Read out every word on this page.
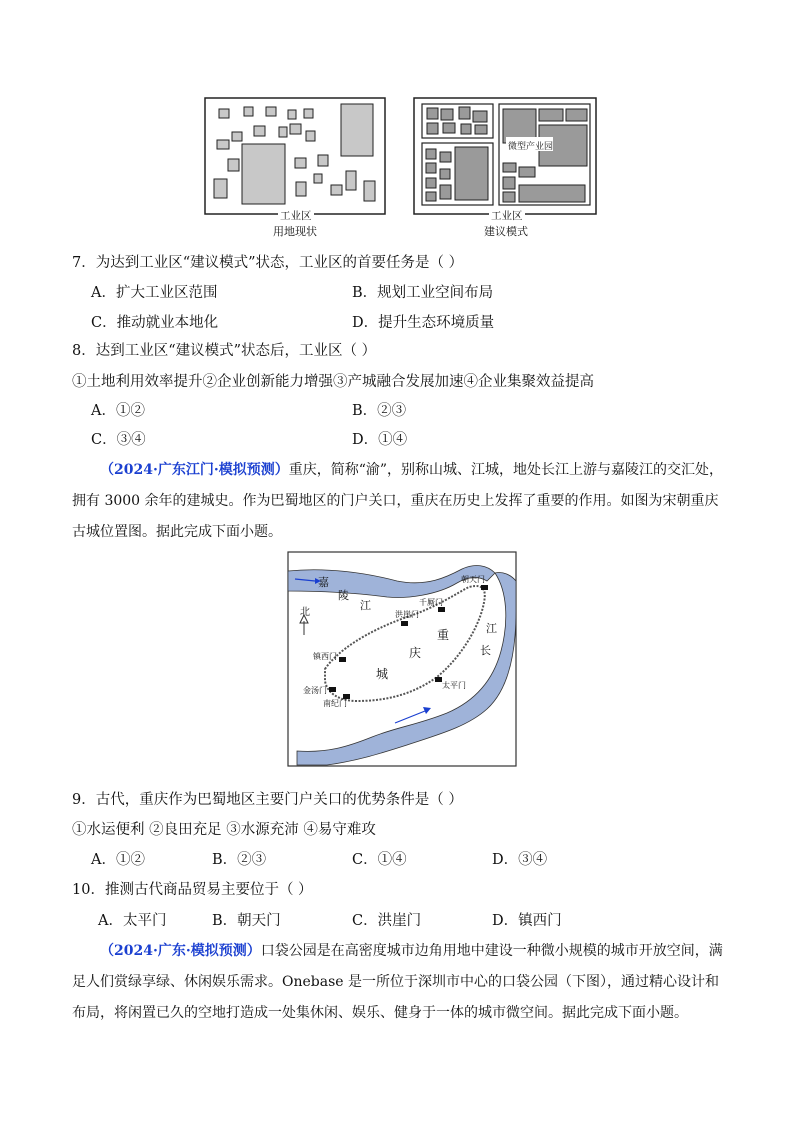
工业区
用地现状
微型产业园
工业区
建议模式
7．为达到工业区“建议模式”状态，工业区的首要任务是（ ）
A．扩大工业区范围	B．规划工业空间布局
C．推动就业本地化	D．提升生态环境质量
8．达到工业区“建议模式”状态后，工业区（ ）
①土地利用效率提升②企业创新能力增强③产城融合发展加速④企业集聚效益提高
A．①②	B．②③
C．③④	D．①④
（2024·广东江门·模拟预测）重庆，简称“渝”，别称山城、江城，地处长江上游与嘉陵江的交汇处，拥有 3000 余年的建城史。作为巴蜀地区的门户关口，重庆在历史上发挥了重要的作用。如图为宋朝重庆古城位置图。据此完成下面小题。
北
嘉
陵
江
江
长
重
庆
城
朝天门
千厮门
洪崖门
镇西门
金汤门
南纪门
太平门
9．古代，重庆作为巴蜀地区主要门户关口的优势条件是（ ）
①水运便利 ②良田充足 ③水源充沛 ④易守难攻
A．①②	B．②③	C．①④	D．③④
10．推测古代商品贸易主要位于（ ）
A．太平门	B．朝天门	C．洪崖门	D．镇西门
（2024·广东·模拟预测）口袋公园是在高密度城市边角用地中建设一种微小规模的城市开放空间，满足人们赏绿享绿、休闲娱乐需求。Onebase 是一所位于深圳市中心的口袋公园（下图），通过精心设计和布局，将闲置已久的空地打造成一处集休闲、娱乐、健身于一体的城市微空间。据此完成下面小题。
